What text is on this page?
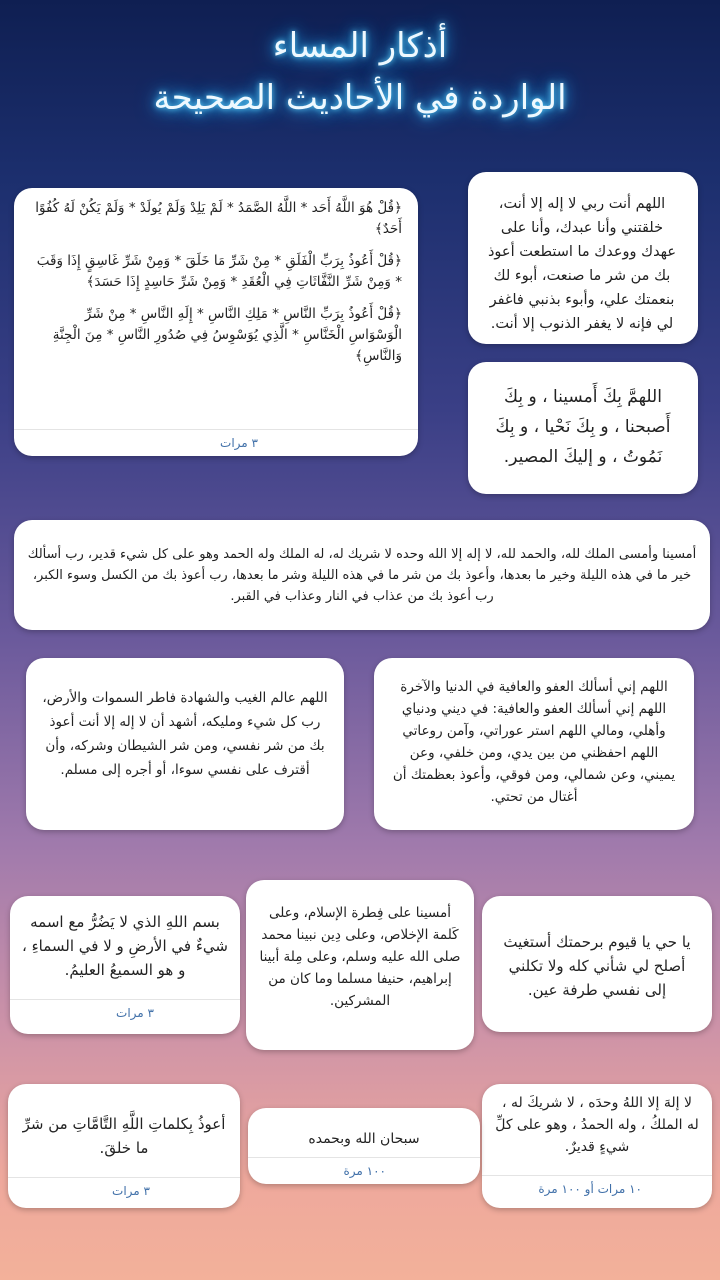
أذكار المساء
الواردة في الأحاديث الصحيحة

اللهم أنت ربي لا إله إلا أنت، خلقتني وأنا عبدك، وأنا على عهدك ووعدك ما استطعت أعوذ بك من شر ما صنعت، أبوء لك بنعمتك علي، وأبوء بذنبي فاغفر لي فإنه لا يغفر الذنوب إلا أنت.

﴿قُلْ هُوَ اللَّهُ أَحَد * اللَّهُ الصَّمَدُ * لَمْ يَلِدْ وَلَمْ يُولَدْ * وَلَمْ يَكُنْ لَهُ كُفُوًا أَحَدٌ﴾

﴿قُلْ أَعُوذُ بِرَبِّ الْفَلَقِ * مِنْ شَرِّ مَا خَلَقَ * وَمِنْ شَرِّ غَاسِقٍ إِذَا وَقَبَ * وَمِنْ شَرِّ النَّفَّاثَاتِ فِي الْعُقَدِ * وَمِنْ شَرِّ حَاسِدٍ إِذَا حَسَدَ﴾

﴿قُلْ أَعُوذُ بِرَبِّ النَّاسِ * مَلِكِ النَّاسِ * إِلَهِ النَّاسِ * مِنْ شَرِّ الْوَسْوَاسِ الْخَنَّاسِ * الَّذِي يُوَسْوِسُ فِي صُدُورِ النَّاسِ * مِنَ الْجِنَّةِ وَالنَّاسِ﴾

٣ مرات

اللهمَّ بِكَ أَمسينا ، و بِكَ أَصبحنا ، و بِكَ نَحْيا ، و بِكَ نَمُوتُ ، و إليكَ المصير.

أمسينا وأمسى الملك لله، والحمد لله، لا إله إلا الله وحده لا شريك له، له الملك وله الحمد وهو على كل شيء قدير، رب أسألك خير ما في هذه الليلة وخير ما بعدها، وأعوذ بك من شر ما في هذه الليلة وشر ما بعدها، رب أعوذ بك من الكسل وسوء الكبر، رب أعوذ بك من عذاب في النار وعذاب في القبر.

اللهم إني أسألك العفو والعافية في الدنيا والآخرة اللهم إني أسألك العفو والعافية: في ديني ودنياي وأهلي، ومالي اللهم استر عوراتي، وآمن روعاتي اللهم احفظني من بين يدي، ومن خلفي، وعن يميني، وعن شمالي، ومن فوقي، وأعوذ بعظمتك أن أغتال من تحتي.

اللهم عالم الغيب والشهادة فاطر السموات والأرض، رب كل شيء ومليكه، أشهد أن لا إله إلا أنت أعوذ بك من شر نفسي، ومن شر الشيطان وشركه، وأن أقترف على نفسي سوءا، أو أجره إلى مسلم.

يا حي يا قيوم برحمتك أستغيث أصلح لي شأني كله ولا تكلني إلى نفسي طرفة عين.

أمسينا على فِطرة الإسلام، وعلى كَلمة الإخلاص، وعلى دِين نبينا محمد صلى الله عليه وسلم، وعلى مِلة أبينا إبراهيم، حنيفا مسلما وما كان من المشركين.

بسم اللهِ الذي لا يَضُرُّ مع اسمه شيءٌ في الأرضِ و لا في السماءِ ، و هو السميعُ العليمُ.

٣ مرات

لا إلهَ إلا اللهُ وحدَه ، لا شريكَ له ، له الملكُ ، وله الحمدُ ، وهو على كلِّ شيءٍ قديرٌ.

١٠ مرات أو ١٠٠ مرة

سبحان الله وبحمده

١٠٠ مرة

أعوذُ بِكلماتِ اللَّهِ التَّامَّاتِ من شرِّ ما خلقَ.

٣ مرات
